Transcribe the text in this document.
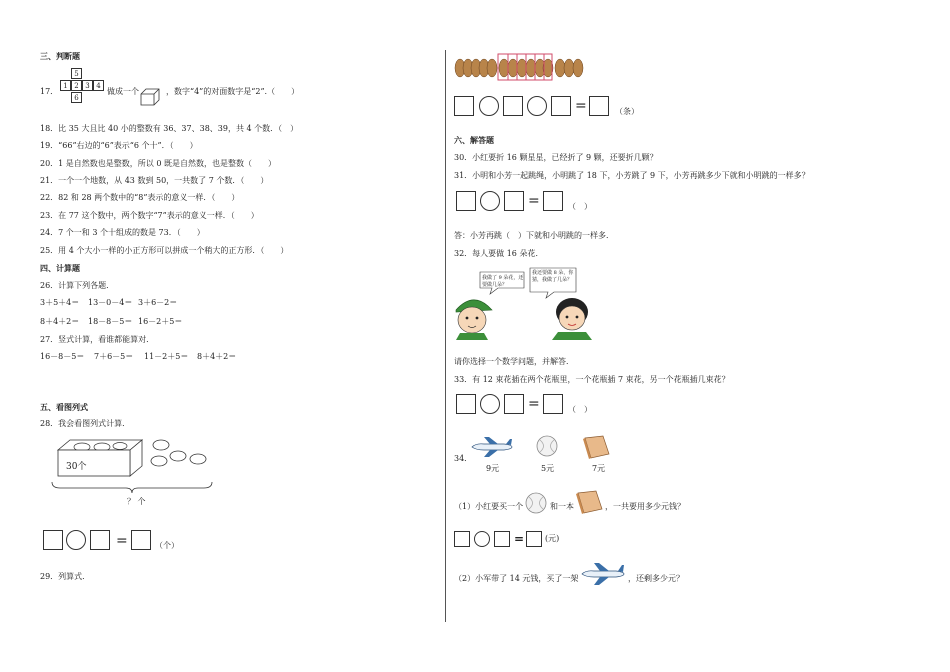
三、判断题
17．
5
1 2 3 4
6
做成一个	，数字“4”的对面数字是“2”.（　　）
18．比 35 大且比 40 小的整数有 36、37、38、39，共 4 个数．（　）
19．“66”右边的“6”表示“6 个十”．（　　）
20．1 是自然数也是整数，所以 0 既是自然数，也是整数（　　）
21．一个一个地数，从 43 数到 50，一共数了 7 个数．（　　）
22．82 和 28 两个数中的“8”表示的意义一样．（　　）
23．在 77 这个数中，两个数字“7”表示的意义一样．（　　）
24．7 个一和 3 个十组成的数是 73．（　　）
25．用 4 个大小一样的小正方形可以拼成一个稍大的正方形．（　　）
四、计算题
26．计算下列各题．
3＋5＋4＝ 13－0－4＝ 3＋6－2＝
8＋4＋2＝ 18－8－5＝ 16－2＋5＝
27．竖式计算，看谁都能算对．
16－8－5＝ 7＋6－5＝ 11－2＋5＝ 8＋4＋2＝
五、看图列式
28．我会看图列式计算．
30个
？ 个
=	（个）
29．列算式．
=	（条）
六、解答题
30．小红要折 16 颗星星，已经折了 9 颗，还要折几颗？
31．小明和小芳一起跳绳，小明跳了 18 下，小芳跳了 9 下，小芳再跳多少下就和小明跳的一样多？
=	（　）
答：小芳再跳（　）下就和小明跳的一样多．
32．每人要做 16 朵花．
我做了 9 朵花，还要做几朵？
我还要做 8 朵，你猜，我做了几朵？
请你选择一个数学问题，并解答．
33．有 12 束花插在两个花瓶里，一个花瓶插 7 束花，另一个花瓶插几束花？
=	（　）
34．
9元	5元	7元
（1）小红要买一个	和一本	，一共要用多少元钱？
=	(元)
（2）小军带了 14 元钱，买了一架	，还剩多少元？
